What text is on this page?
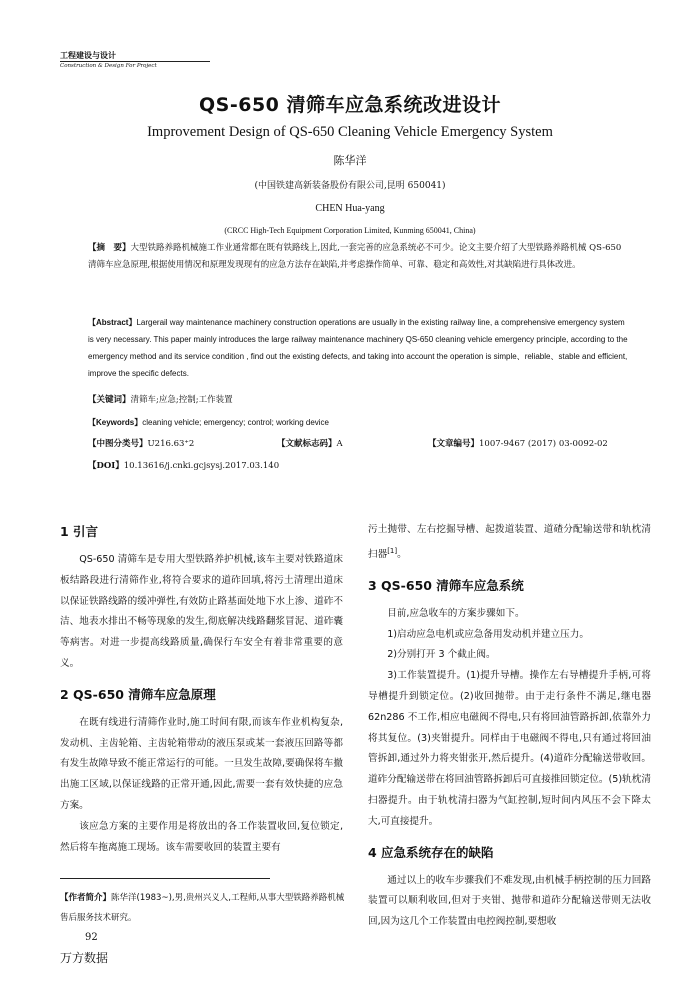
工程建设与设计
Construction & Design For Project
QS-650 清筛车应急系统改进设计
Improvement Design of QS-650 Cleaning Vehicle Emergency System
陈华洋
(中国铁建高新装备股份有限公司,昆明 650041)
CHEN Hua-yang
(CRCC High-Tech Equipment Corporation Limited, Kunming 650041, China)
【摘　要】大型铁路养路机械施工作业通常都在既有铁路线上,因此,一套完善的应急系统必不可少。论文主要介绍了大型铁路养路机械 QS-650 清筛车应急原理,根据使用情况和原理发现现有的应急方法存在缺陷,并考虑操作简单、可靠、稳定和高效性,对其缺陷进行具体改进。
【Abstract】Largerail way maintenance machinery construction operations are usually in the existing railway line, a comprehensive emergency system is very necessary. This paper mainly introduces the large railway maintenance machinery QS-650 cleaning vehicle emergency principle, according to the emergency method and its service condition , find out the existing defects, and taking into account the operation is simple、reliable、stable and efficient, improve the specific defects.
【关键词】清筛车;应急;控制;工作装置
【Keywords】cleaning vehicle; emergency; control; working device
【中图分类号】U216.63⁺2	【文献标志码】A	【文章编号】1007-9467 (2017) 03-0092-02
【DOI】10.13616/j.cnki.gcjsysj.2017.03.140
1 引言

QS-650 清筛车是专用大型铁路养护机械,该车主要对铁路道床板结路段进行清筛作业,将符合要求的道砟回填,将污土清理出道床以保证铁路线路的缓冲弹性,有效防止路基面处地下水上渗、道砟不洁、地表水排出不畅等现象的发生,彻底解决线路翻浆冒泥、道砟囊等病害。对进一步提高线路质量,确保行车安全有着非常重要的意义。

2 QS-650 清筛车应急原理

在既有线进行清筛作业时,施工时间有限,而该车作业机构复杂,发动机、主齿轮箱、主齿轮箱带动的液压泵或某一套液压回路等都有发生故障导致不能正常运行的可能。一旦发生故障,要确保将车撤出施工区域,以保证线路的正常开通,因此,需要一套有效快捷的应急方案。

该应急方案的主要作用是将放出的各工作装置收回,复位锁定,然后将车拖离施工现场。该车需要收回的装置主要有

污土抛带、左右挖掘导槽、起拨道装置、道碴分配输送带和轨枕清扫器[1]。

3 QS-650 清筛车应急系统

目前,应急收车的方案步骤如下。

1)启动应急电机或应急备用发动机并建立压力。

2)分别打开 3 个截止阀。

3)工作装置提升。(1)提升导槽。操作左右导槽提升手柄,可将导槽提升到锁定位。(2)收回抛带。由于走行条件不满足,继电器 62n286 不工作,相应电磁阀不得电,只有将回油管路拆卸,依靠外力将其复位。(3)夹钳提升。同样由于电磁阀不得电,只有通过将回油管拆卸,通过外力将夹钳张开,然后提升。(4)道砟分配输送带收回。道砟分配输送带在将回油管路拆卸后可直接推回锁定位。(5)轨枕清扫器提升。由于轨枕清扫器为气缸控制,短时间内风压不会下降太大,可直接提升。

4 应急系统存在的缺陷

通过以上的收车步骤我们不难发现,由机械手柄控制的压力回路装置可以顺利收回,但对于夹钳、抛带和道砟分配输送带则无法收回,因为这几个工作装置由电控阀控制,要想收

【作者简介】陈华洋(1983~),男,贵州兴义人,工程师,从事大型铁路养路机械售后服务技术研究。
92
万方数据
